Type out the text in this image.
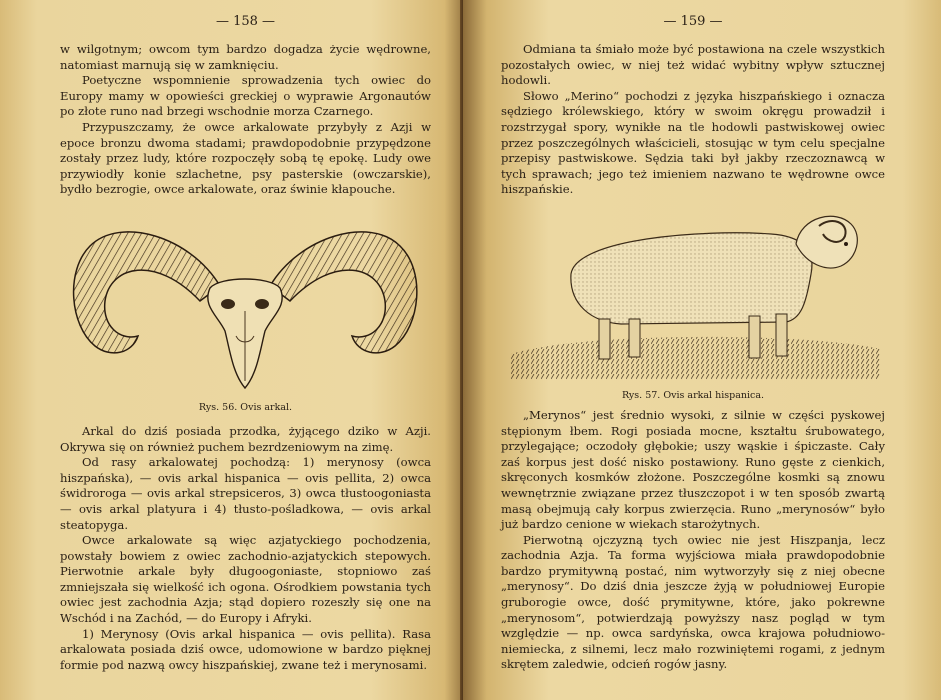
— 158 —

w wilgotnym; owcom tym bardzo dogadza życie wędrowne, natomiast marnują się w zamknięciu.

Poetyczne wspomnienie sprowadzenia tych owiec do Europy mamy w opowieści greckiej o wyprawie Argonautów po złote runo nad brzegi wschodnie morza Czarnego.

Przypuszczamy, że owce arkalowate przybyły z Azji w epoce bronzu dwoma stadami; prawdopodobnie przypędzone zostały przez ludy, które rozpoczęły sobą tę epokę. Ludy owe przywiodły konie szlachetne, psy pasterskie (owczarskie), bydło bezrogie, owce arkalowate, oraz świnie kłapouche.

Rys. 56. Ovis arkal.

Arkal do dziś posiada przodka, żyjącego dziko w Azji. Okrywa się on również puchem bezrdzeniowym na zimę.

Od rasy arkalowatej pochodzą: 1) merynosy (owca hiszpańska), — ovis arkal hispanica — ovis pellita, 2) owca świdroroga — ovis arkal strepsiceros, 3) owca tłustoogoniasta — ovis arkal platyura i 4) tłusto-pośladkowa, — ovis arkal steatopyga.

Owce arkalowate są więc azjatyckiego pochodzenia, powstały bowiem z owiec zachodnio-azjatyckich stepowych. Pierwotnie arkale były długoogoniaste, stopniowo zaś zmniejszała się wielkość ich ogona. Ośrodkiem powstania tych owiec jest zachodnia Azja; stąd dopiero rozeszły się one na Wschód i na Zachód, — do Europy i Afryki.

1) Merynosy (Ovis arkal hispanica — ovis pellita). Rasa arkalowata posiada dziś owce, udomowione w bardzo pięknej formie pod nazwą owcy hiszpańskiej, zwane też i merynosami.

— 159 —

Odmiana ta śmiało może być postawiona na czele wszystkich pozostałych owiec, w niej też widać wybitny wpływ sztucznej hodowli.

Słowo „Merino“ pochodzi z języka hiszpańskiego i oznacza sędziego królewskiego, który w swoim okręgu prowadził i rozstrzygał spory, wynikłe na tle hodowli pastwiskowej owiec przez poszczególnych właścicieli, stosując w tym celu specjalne przepisy pastwiskowe. Sędzia taki był jakby rzeczoznawcą w tych sprawach; jego też imieniem nazwano te wędrowne owce hiszpańskie.

Rys. 57. Ovis arkal hispanica.

„Merynos“ jest średnio wysoki, z silnie w części pyskowej stępionym łbem. Rogi posiada mocne, kształtu śrubowatego, przylegające; oczodoły głębokie; uszy wąskie i śpiczaste. Cały zaś korpus jest dość nisko postawiony. Runo gęste z cienkich, skręconych kosmków złożone. Poszczególne kosmki są znowu wewnętrznie związane przez tłuszczopot i w ten sposób zwartą masą obejmują cały korpus zwierzęcia. Runo „merynosów“ było już bardzo cenione w wiekach starożytnych.

Pierwotną ojczyzną tych owiec nie jest Hiszpanja, lecz zachodnia Azja. Ta forma wyjściowa miała prawdopodobnie bardzo prymitywną postać, nim wytworzyły się z niej obecne „merynosy“. Do dziś dnia jeszcze żyją w południowej Europie gruborogie owce, dość prymitywne, które, jako pokrewne „merynosom“, potwierdzają powyższy nasz pogląd w tym względzie — np. owca sardyńska, owca krajowa południowo-niemiecka, z silnemi, lecz mało rozwiniętemi rogami, z jednym skrętem zaledwie, odcień rogów jasny.
